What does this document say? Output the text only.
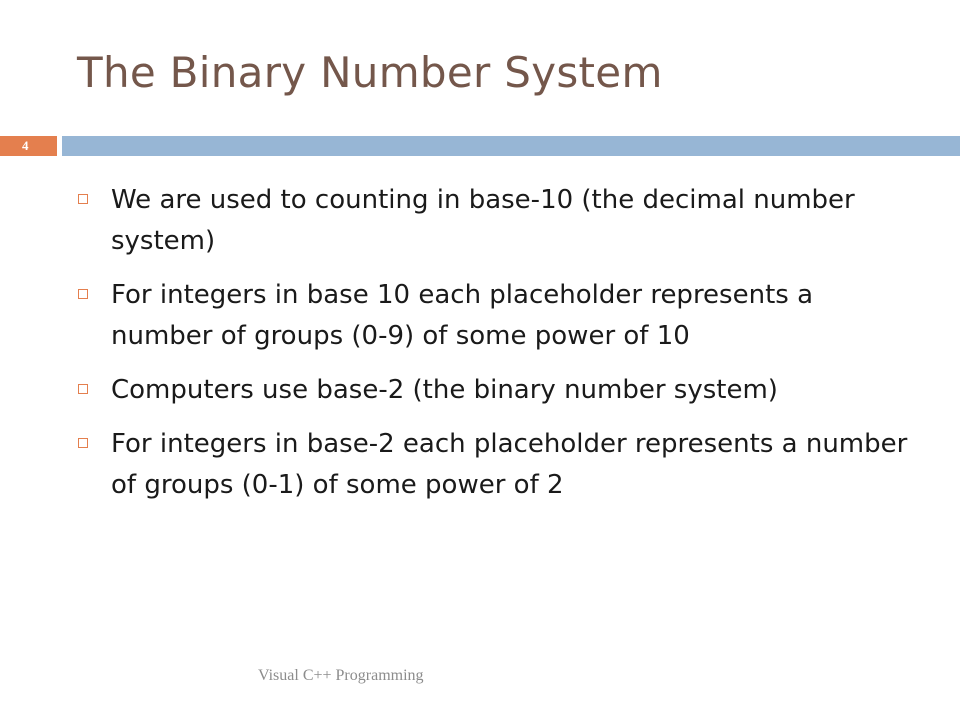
The Binary Number System
4
We are used to counting in base-10 (the decimal number system)
For integers in base 10 each placeholder represents a number of groups (0-9) of some power of 10
Computers use base-2 (the binary number system)
For integers in base-2 each placeholder represents a number of groups (0-1) of some power of 2
Visual C++ Programming
